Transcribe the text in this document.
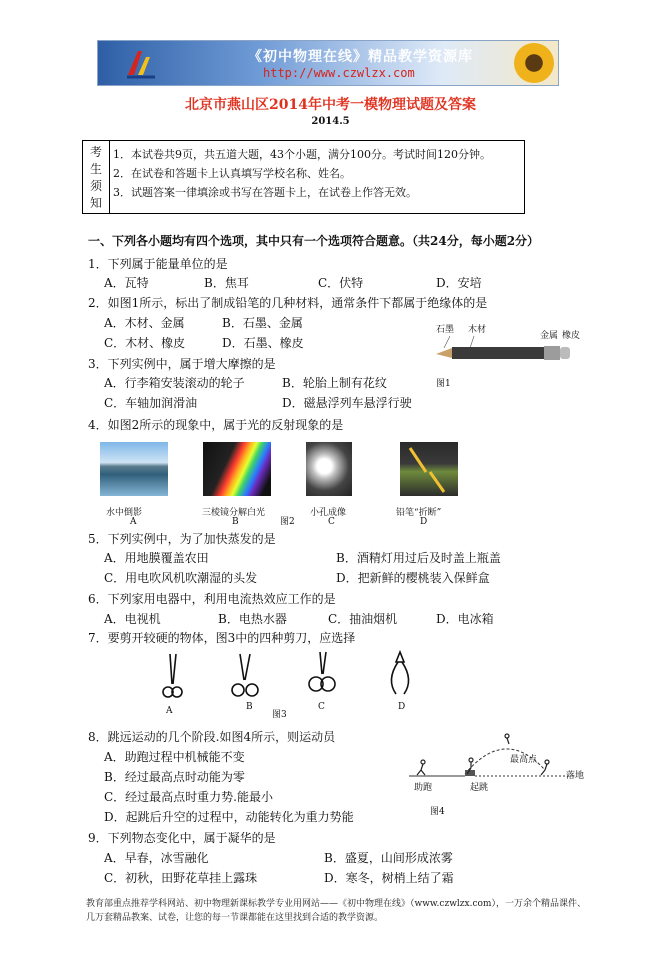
《初中物理在线》精品教学资源库
http://www.czwlzx.com
北京市燕山区2014年中考一模物理试题及答案
2014.5
考
生
须
知
1．本试卷共9页，共五道大题，43个小题，满分100分。考试时间120分钟。
2．在试卷和答题卡上认真填写学校名称、姓名。
3．试题答案一律填涂或书写在答题卡上，在试卷上作答无效。
一、下列各小题均有四个选项，其中只有一个选项符合题意。（共24分，每小题2分）
1．下列属于能量单位的是
A．瓦特	B．焦耳	C．伏特	D．安培
2．如图1所示，标出了制成铅笔的几种材料，通常条件下都属于绝缘体的是
A．木材、金属	B．石墨、金属
C．木材、橡皮	D．石墨、橡皮
石墨 木材
金属 橡皮
图1
3．下列实例中，属于增大摩擦的是
A．行李箱安装滚动的轮子	B．轮胎上制有花纹
C．车轴加润滑油	D．磁悬浮列车悬浮行驶
4．如图2所示的现象中，属于光的反射现象的是
水中倒影	三棱镜分解白光	小孔成像	铅笔“折断”
A	B	图2	C	D
5．下列实例中，为了加快蒸发的是
A．用地膜覆盖农田	B．酒精灯用过后及时盖上瓶盖
C．用电吹风机吹潮湿的头发	D．把新鲜的樱桃装入保鲜盒
6．下列家用电器中，利用电流热效应工作的是
A．电视机	B．电热水器	C．抽油烟机	D．电冰箱
7．要剪开较硬的物体，图3中的四种剪刀，应选择
A	B	C	D
图3
8．跳远运动的几个阶段.如图4所示，则运动员
A．助跑过程中机械能不变
B．经过最高点时动能为零
C．经过最高点时重力势.能最小
D．起跳后升空的过程中，动能转化为重力势能
最高点
助跑	起跳
落地
图4
9．下列物态变化中，属于凝华的是
A．早春，冰雪融化	B．盛夏，山间形成浓雾
C．初秋，田野花草挂上露珠	D．寒冬，树梢上结了霜
教育部重点推荐学科网站、初中物理新课标教学专业用网站——《初中物理在线》（www.czwlzx.com），一万余个精品课件、几万套精品教案、试卷，让您的每一节课都能在这里找到合适的教学资源。
